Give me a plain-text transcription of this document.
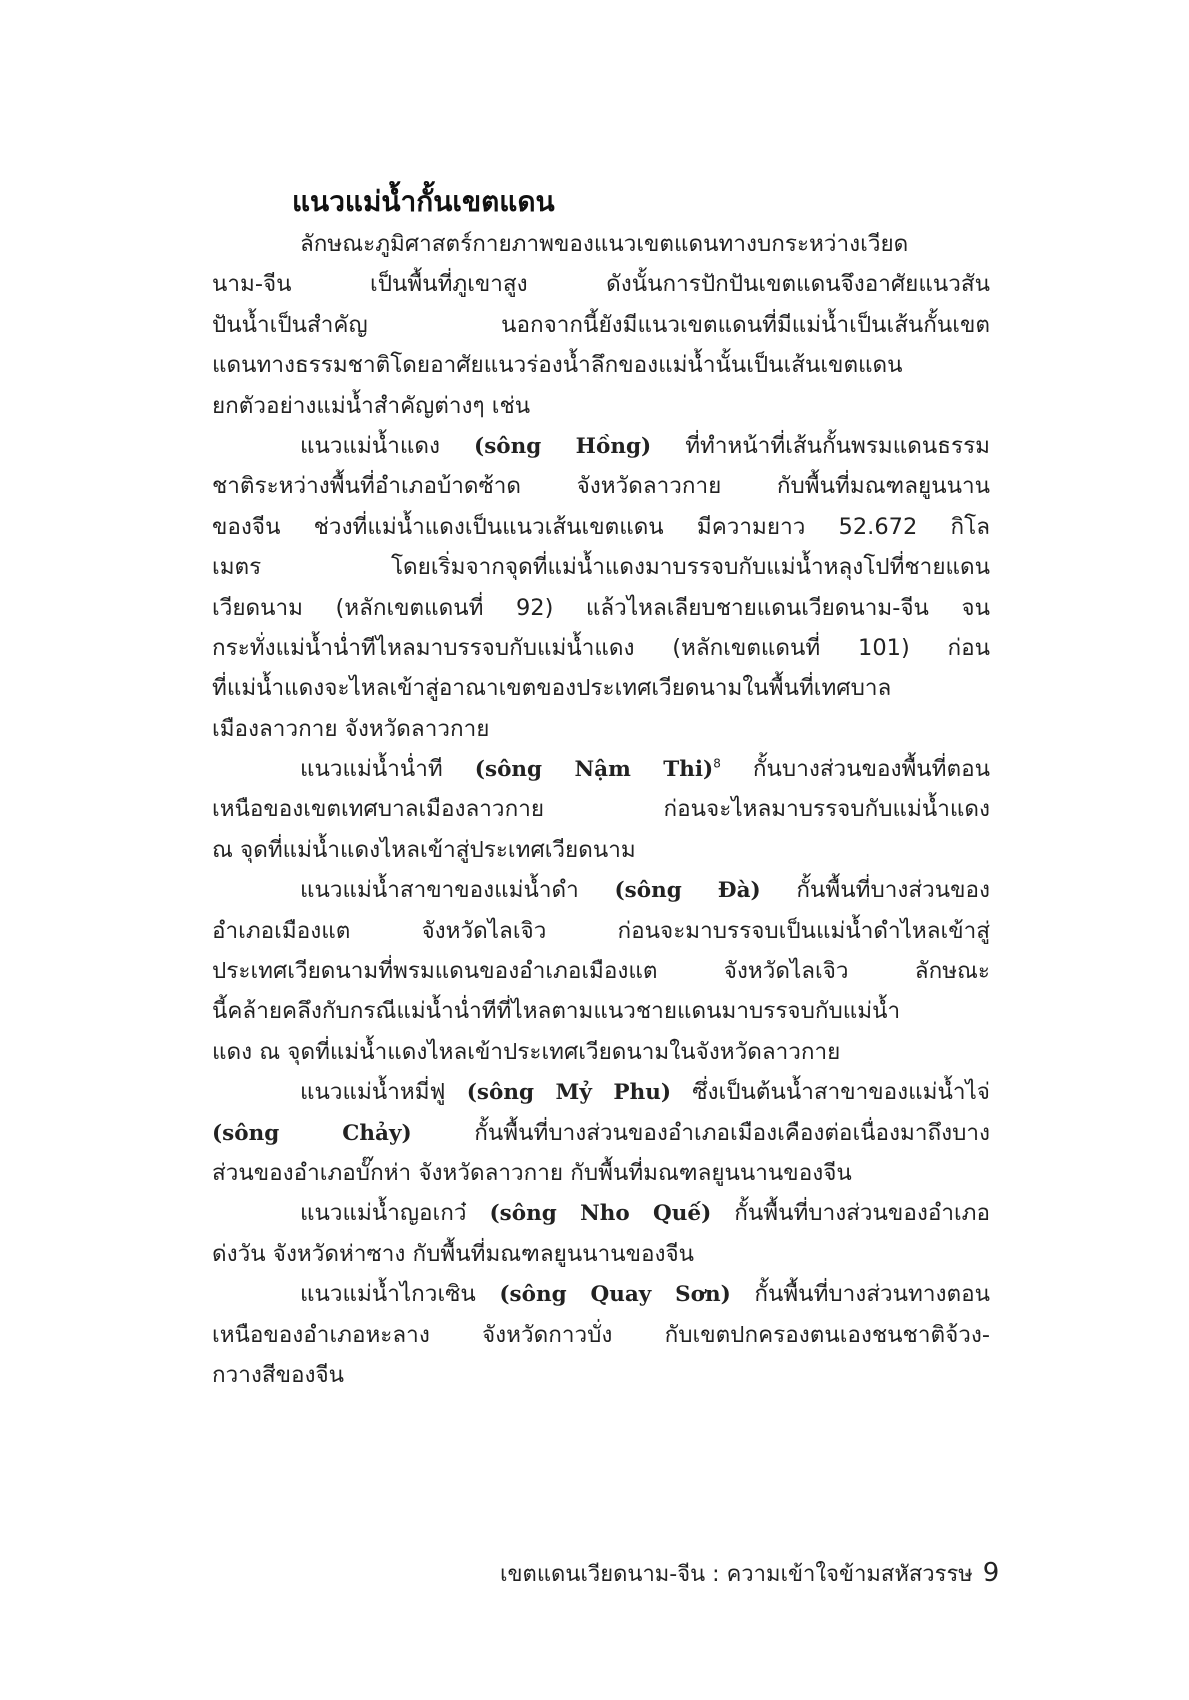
แนวแม่น้ำกั้นเขตแดน
ลักษณะภูมิศาสตร์กายภาพของแนวเขตแดนทางบกระหว่างเวียด
นาม-จีน เป็นพื้นที่ภูเขาสูง ดังนั้นการปักปันเขตแดนจึงอาศัยแนวสัน
ปันน้ำเป็นสำคัญ นอกจากนี้ยังมีแนวเขตแดนที่มีแม่น้ำเป็นเส้นกั้นเขต
แดนทางธรรมชาติโดยอาศัยแนวร่องน้ำลึกของแม่น้ำนั้นเป็นเส้นเขตแดน
ยกตัวอย่างแม่น้ำสำคัญต่างๆ เช่น
แนวแม่น้ำแดง (sông Hồng) ที่ทำหน้าที่เส้นกั้นพรมแดนธรรม
ชาติระหว่างพื้นที่อำเภอบ้าดซ้าด จังหวัดลาวกาย กับพื้นที่มณฑลยูนนาน
ของจีน ช่วงที่แม่น้ำแดงเป็นแนวเส้นเขตแดน มีความยาว 52.672 กิโล
เมตร โดยเริ่มจากจุดที่แม่น้ำแดงมาบรรจบกับแม่น้ำหลุงโปที่ชายแดน
เวียดนาม (หลักเขตแดนที่ 92) แล้วไหลเลียบชายแดนเวียดนาม-จีน จน
กระทั่งแม่น้ำน่ำทีไหลมาบรรจบกับแม่น้ำแดง (หลักเขตแดนที่ 101) ก่อน
ที่แม่น้ำแดงจะไหลเข้าสู่อาณาเขตของประเทศเวียดนามในพื้นที่เทศบาล
เมืองลาวกาย จังหวัดลาวกาย
แนวแม่น้ำน่ำที (sông Nậm Thi)$^8$ กั้นบางส่วนของพื้นที่ตอน
เหนือของเขตเทศบาลเมืองลาวกาย ก่อนจะไหลมาบรรจบกับแม่น้ำแดง
ณ จุดที่แม่น้ำแดงไหลเข้าสู่ประเทศเวียดนาม
แนวแม่น้ำสาขาของแม่น้ำดำ (sông Đà) กั้นพื้นที่บางส่วนของ
อำเภอเมืองแต จังหวัดไลเจิว ก่อนจะมาบรรจบเป็นแม่น้ำดำไหลเข้าสู่
ประเทศเวียดนามที่พรมแดนของอำเภอเมืองแต จังหวัดไลเจิว ลักษณะ
นี้คล้ายคลึงกับกรณีแม่น้ำน่ำทีที่ไหลตามแนวชายแดนมาบรรจบกับแม่น้ำ
แดง ณ จุดที่แม่น้ำแดงไหลเข้าประเทศเวียดนามในจังหวัดลาวกาย
แนวแม่น้ำหมี่ฟู (sông Mỷ Phu) ซึ่งเป็นต้นน้ำสาขาของแม่น้ำไจ่
(sông Chảy) กั้นพื้นที่บางส่วนของอำเภอเมืองเคืองต่อเนื่องมาถึงบาง
ส่วนของอำเภอบั๊กห่า จังหวัดลาวกาย กับพื้นที่มณฑลยูนนานของจีน
แนวแม่น้ำญอเกว๋ (sông Nho Quế) กั้นพื้นที่บางส่วนของอำเภอ
ด่งวัน จังหวัดห่าซาง กับพื้นที่มณฑลยูนนานของจีน
แนวแม่น้ำไกวเซิน (sông Quay Sơn) กั้นพื้นที่บางส่วนทางตอน
เหนือของอำเภอหะลาง จังหวัดกาวบั่ง กับเขตปกครองตนเองชนชาติจ้วง-
กวางสีของจีน
เขตแดนเวียดนาม-จีน : ความเข้าใจข้ามสหัสวรรษ 9
